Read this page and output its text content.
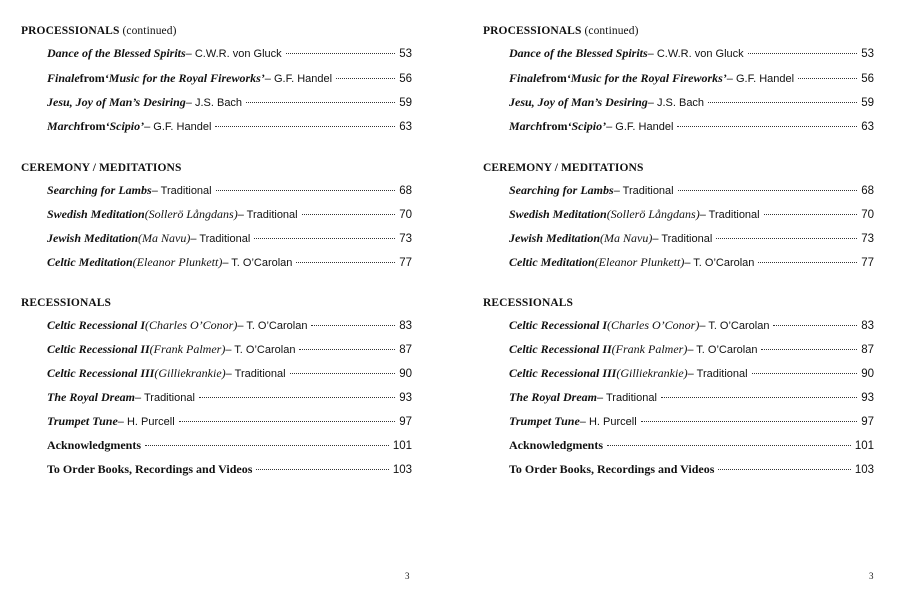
PROCESSIONALS (continued)
Dance of the Blessed Spirits – C.W.R. von Gluck	53
Finale from ‘Music for the Royal Fireworks’ – G.F. Handel	56
Jesu, Joy of Man’s Desiring – J.S. Bach	59
March from ‘Scipio’ – G.F. Handel	63
CEREMONY / MEDITATIONS
Searching for Lambs – Traditional	68
Swedish Meditation (Sollerö Långdans) – Traditional	70
Jewish Meditation (Ma Navu) – Traditional	73
Celtic Meditation (Eleanor Plunkett) – T. O’Carolan	77
RECESSIONALS
Celtic Recessional I (Charles O’Conor) – T. O’Carolan	83
Celtic Recessional II (Frank Palmer) – T. O’Carolan	87
Celtic Recessional III (Gilliekrankie) – Traditional	90
The Royal Dream – Traditional	93
Trumpet Tune – H. Purcell	97
Acknowledgments	101
To Order Books, Recordings and Videos	103
3
PROCESSIONALS (continued)
Dance of the Blessed Spirits – C.W.R. von Gluck	53
Finale from ‘Music for the Royal Fireworks’ – G.F. Handel	56
Jesu, Joy of Man’s Desiring – J.S. Bach	59
March from ‘Scipio’ – G.F. Handel	63
CEREMONY / MEDITATIONS
Searching for Lambs – Traditional	68
Swedish Meditation (Sollerö Långdans) – Traditional	70
Jewish Meditation (Ma Navu) – Traditional	73
Celtic Meditation (Eleanor Plunkett) – T. O’Carolan	77
RECESSIONALS
Celtic Recessional I (Charles O’Conor) – T. O’Carolan	83
Celtic Recessional II (Frank Palmer) – T. O’Carolan	87
Celtic Recessional III (Gilliekrankie) – Traditional	90
The Royal Dream – Traditional	93
Trumpet Tune – H. Purcell	97
Acknowledgments	101
To Order Books, Recordings and Videos	103
3
